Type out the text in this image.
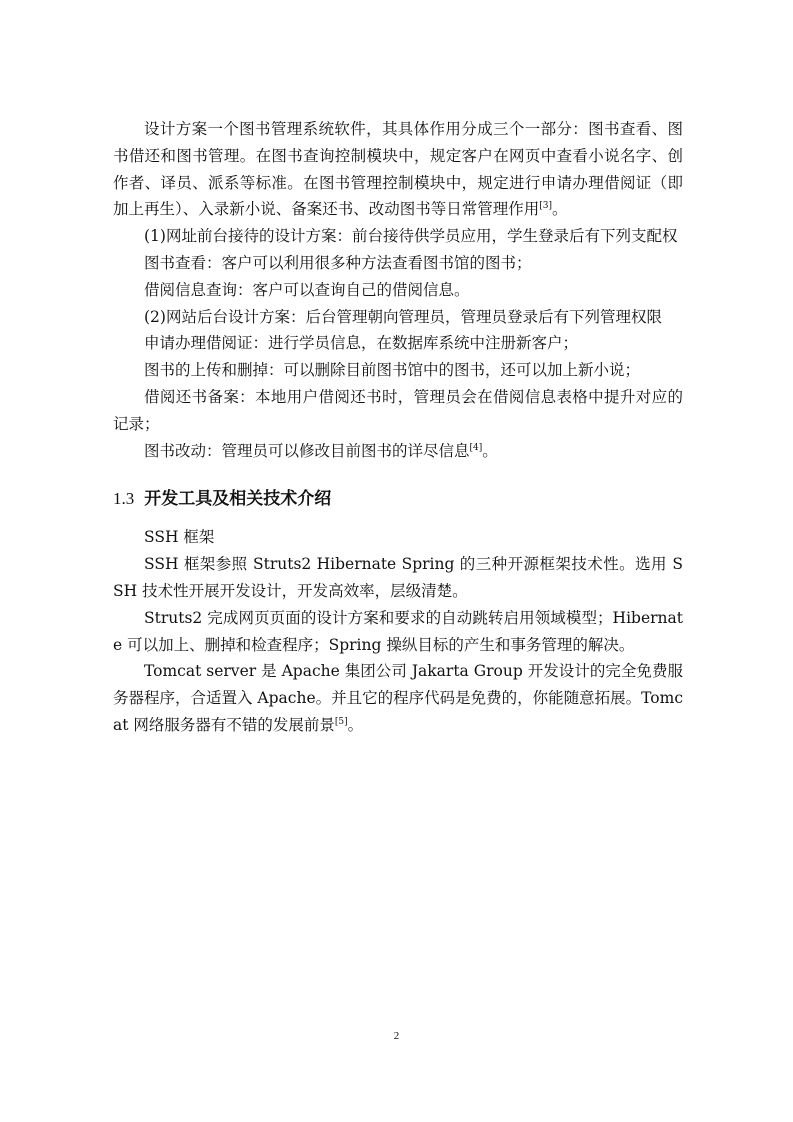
设计方案一个图书管理系统软件，其具体作用分成三个一部分：图书查看、图书借还和图书管理。在图书查询控制模块中，规定客户在网页中查看小说名字、创作者、译员、派系等标准。在图书管理控制模块中，规定进行申请办理借阅证（即加上再生）、入录新小说、备案还书、改动图书等日常管理作用[3]。

(1)网址前台接待的设计方案：前台接待供学员应用，学生登录后有下列支配权

图书查看：客户可以利用很多种方法查看图书馆的图书；

借阅信息查询：客户可以查询自己的借阅信息。

(2)网站后台设计方案：后台管理朝向管理员，管理员登录后有下列管理权限

申请办理借阅证：进行学员信息，在数据库系统中注册新客户；

图书的上传和删掉：可以删除目前图书馆中的图书，还可以加上新小说；

借阅还书备案：本地用户借阅还书时，管理员会在借阅信息表格中提升对应的记录；

图书改动：管理员可以修改目前图书的详尽信息[4]。

1.3 开发工具及相关技术介绍

SSH 框架

SSH 框架参照 Struts2 Hibernate Spring 的三种开源框架技术性。选用 SSH 技术性开展开发设计，开发高效率，层级清楚。

Struts2 完成网页页面的设计方案和要求的自动跳转启用领域模型；Hibernate 可以加上、删掉和检查程序；Spring 操纵目标的产生和事务管理的解决。

Tomcat server 是 Apache 集团公司 Jakarta Group 开发设计的完全免费服务器程序，合适置入 Apache。并且它的程序代码是免费的，你能随意拓展。Tomcat 网络服务器有不错的发展前景[5]。

2
